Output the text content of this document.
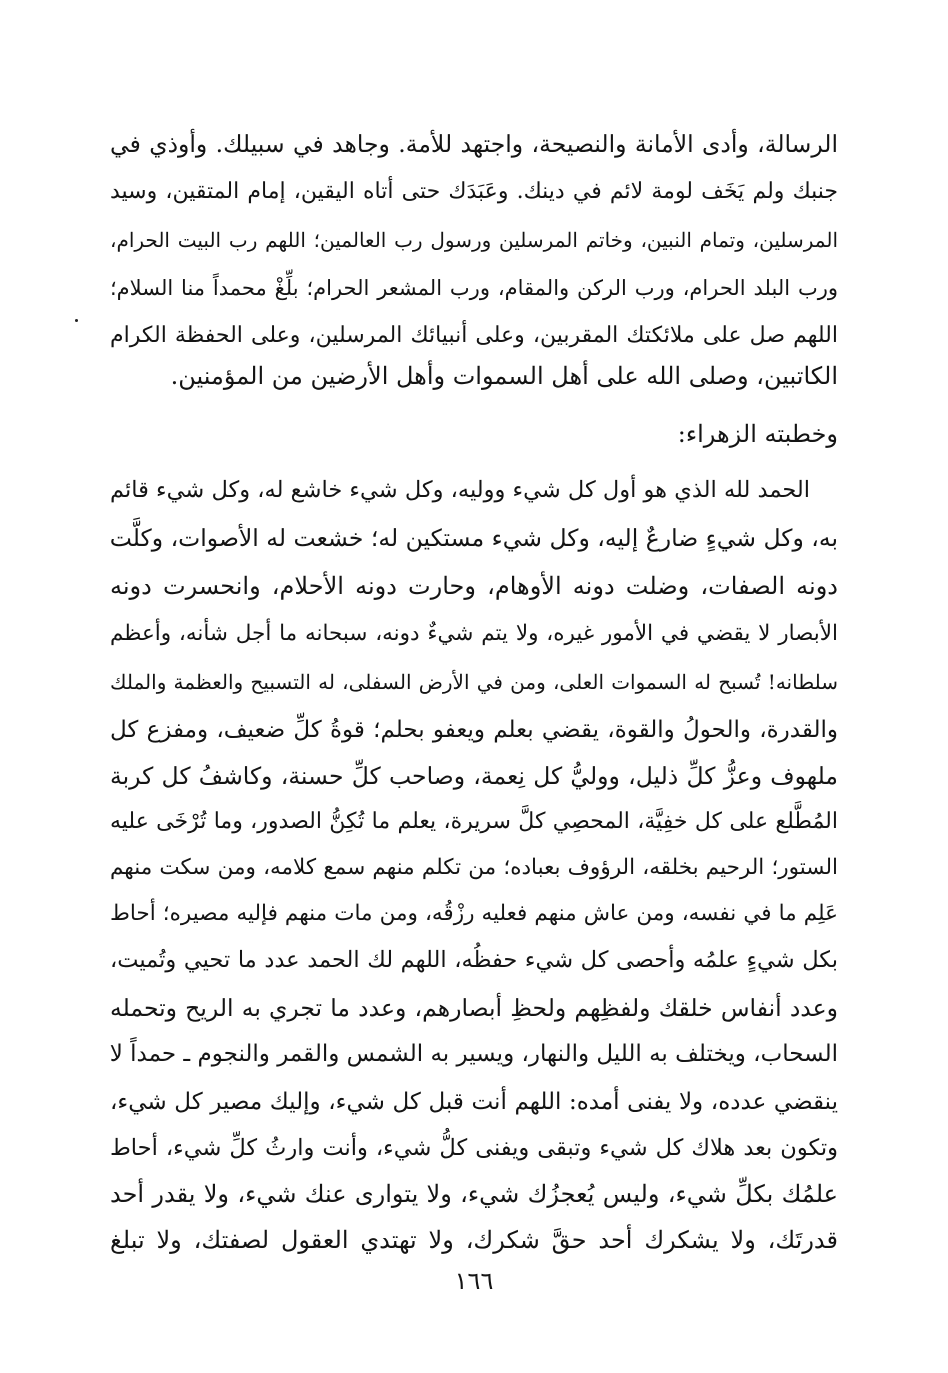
الرسالة، وأدى الأمانة والنصيحة، واجتهد للأمة. وجاهد في سبيلك. وأوذي في

جنبك ولم يَخَف لومة لائم في دينك. وعَبَدَك حتى أتاه اليقين، إمام المتقين، وسيد

المرسلين، وتمام النبين، وخاتم المرسلين ورسول رب العالمين؛ اللهم رب البيت الحرام،

ورب البلد الحرام، ورب الركن والمقام، ورب المشعر الحرام؛ بلِّغْ محمداً منا السلام؛

اللهم صل على ملائكتك المقربين، وعلى أنبيائك المرسلين، وعلى الحفظة الكرام

الكاتبين، وصلى الله على أهل السموات وأهل الأرضين من المؤمنين.

وخطبته الزهراء:

الحمد لله الذي هو أول كل شيء ووليه، وكل شيء خاشع له، وكل شيء قائم

به، وكل شيءٍ ضارعٌ إليه، وكل شيء مستكين له؛ خشعت له الأصوات، وكلَّت

دونه الصفات، وضلت دونه الأوهام، وحارت دونه الأحلام، وانحسرت دونه

الأبصار لا يقضي في الأمور غيره، ولا يتم شيءٌ دونه، سبحانه ما أجل شأنه، وأعظم

سلطانه! تُسبح له السموات العلى، ومن في الأرض السفلى، له التسبيح والعظمة والملك

والقدرة، والحولُ والقوة، يقضي بعلم ويعفو بحلم؛ قوةُ كلِّ ضعيف، ومفزع كل

ملهوف وعزُّ كلِّ ذليل، ووليُّ كل نِعمة، وصاحب كلِّ حسنة، وكاشفُ كل كربة

المُطَّلع على كل خفِيَّة، المحصِي كلَّ سريرة، يعلم ما تُكِنُّ الصدور، وما تُرْخَى عليه

الستور؛ الرحيم بخلقه، الرؤوف بعباده؛ من تكلم منهم سمع كلامه، ومن سكت منهم

عَلِم ما في نفسه، ومن عاش منهم فعليه رزْقُه، ومن مات منهم فإليه مصيره؛ أحاط

بكل شيءٍ علمُه وأحصى كل شيء حفظُه، اللهم لك الحمد عدد ما تحيي وتُميت،

وعدد أنفاس خلقك ولفظِهم ولحظِ أبصارهم، وعدد ما تجري به الريح وتحمله

السحاب، ويختلف به الليل والنهار، ويسير به الشمس والقمر والنجوم ـ حمداً لا

ينقضي عدده، ولا يفنى أمده: اللهم أنت قبل كل شيء، وإليك مصير كل شيء،

وتكون بعد هلاك كل شيء وتبقى ويفنى كلُّ شيء، وأنت وارثُ كلِّ شيء، أحاط

علمُك بكلِّ شيء، وليس يُعجزُك شيء، ولا يتوارى عنك شيء، ولا يقدر أحد

قدرتَك، ولا يشكرك أحد حقَّ شكرك، ولا تهتدي العقول لصفتك، ولا تبلغ

١٦٦
